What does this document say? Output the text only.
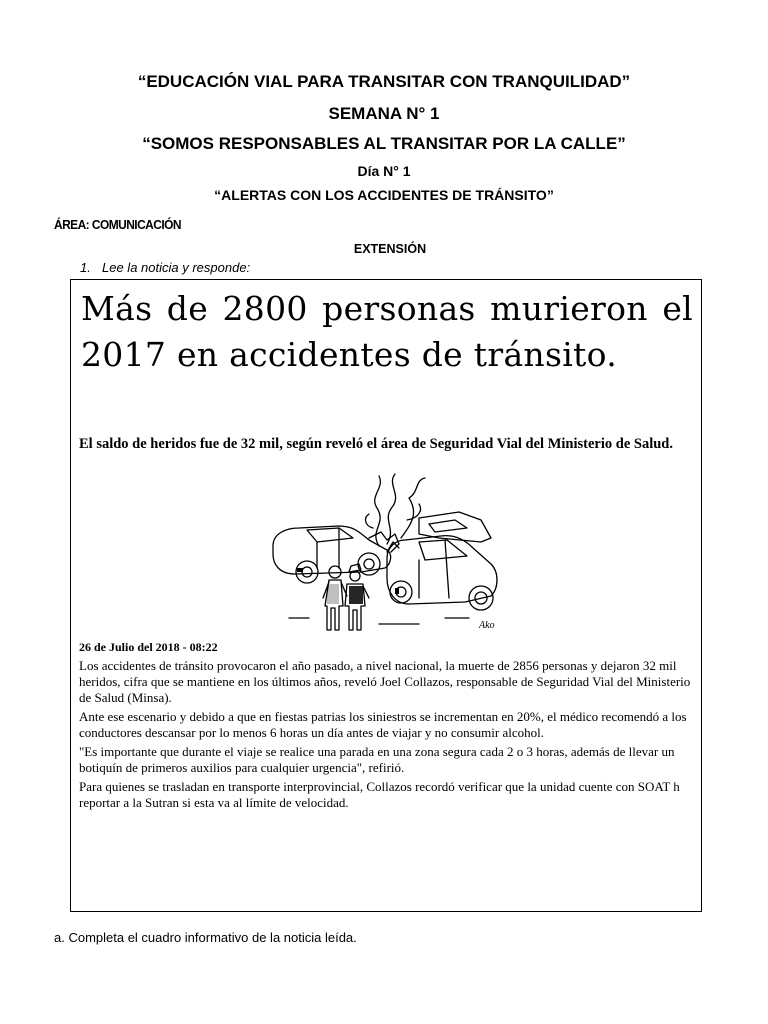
“EDUCACIÓN VIAL PARA TRANSITAR CON TRANQUILIDAD”
SEMANA N° 1
“SOMOS RESPONSABLES AL TRANSITAR POR LA CALLE”
Día N° 1
“ALERTAS CON LOS ACCIDENTES DE TRÁNSITO”
ÁREA: COMUNICACIÓN
EXTENSIÓN
1. Lee la noticia y responde:
Más de 2800 personas murieron el 2017 en accidentes de tránsito.
El saldo de heridos fue de 32 mil, según reveló el área de Seguridad Vial del Ministerio de Salud.
Ako
26 de Julio del 2018 - 08:22

Los accidentes de tránsito provocaron el año pasado, a nivel nacional, la muerte de 2856 personas y dejaron 32 mil heridos, cifra que se mantiene en los últimos años, reveló Joel Collazos, responsable de Seguridad Vial del Ministerio de Salud (Minsa).

Ante ese escenario y debido a que en fiestas patrias los siniestros se incrementan en 20%, el médico recomendó a los conductores descansar por lo menos 6 horas un día antes de viajar y no consumir alcohol.

"Es importante que durante el viaje se realice una parada en una zona segura cada 2 o 3 horas, además de llevar un botiquín de primeros auxilios para cualquier urgencia", refirió.

Para quienes se trasladan en transporte interprovincial, Collazos recordó verificar que la unidad cuente con SOAT h reportar a la Sutran si esta va al límite de velocidad.

a. Completa el cuadro informativo de la noticia leída.
